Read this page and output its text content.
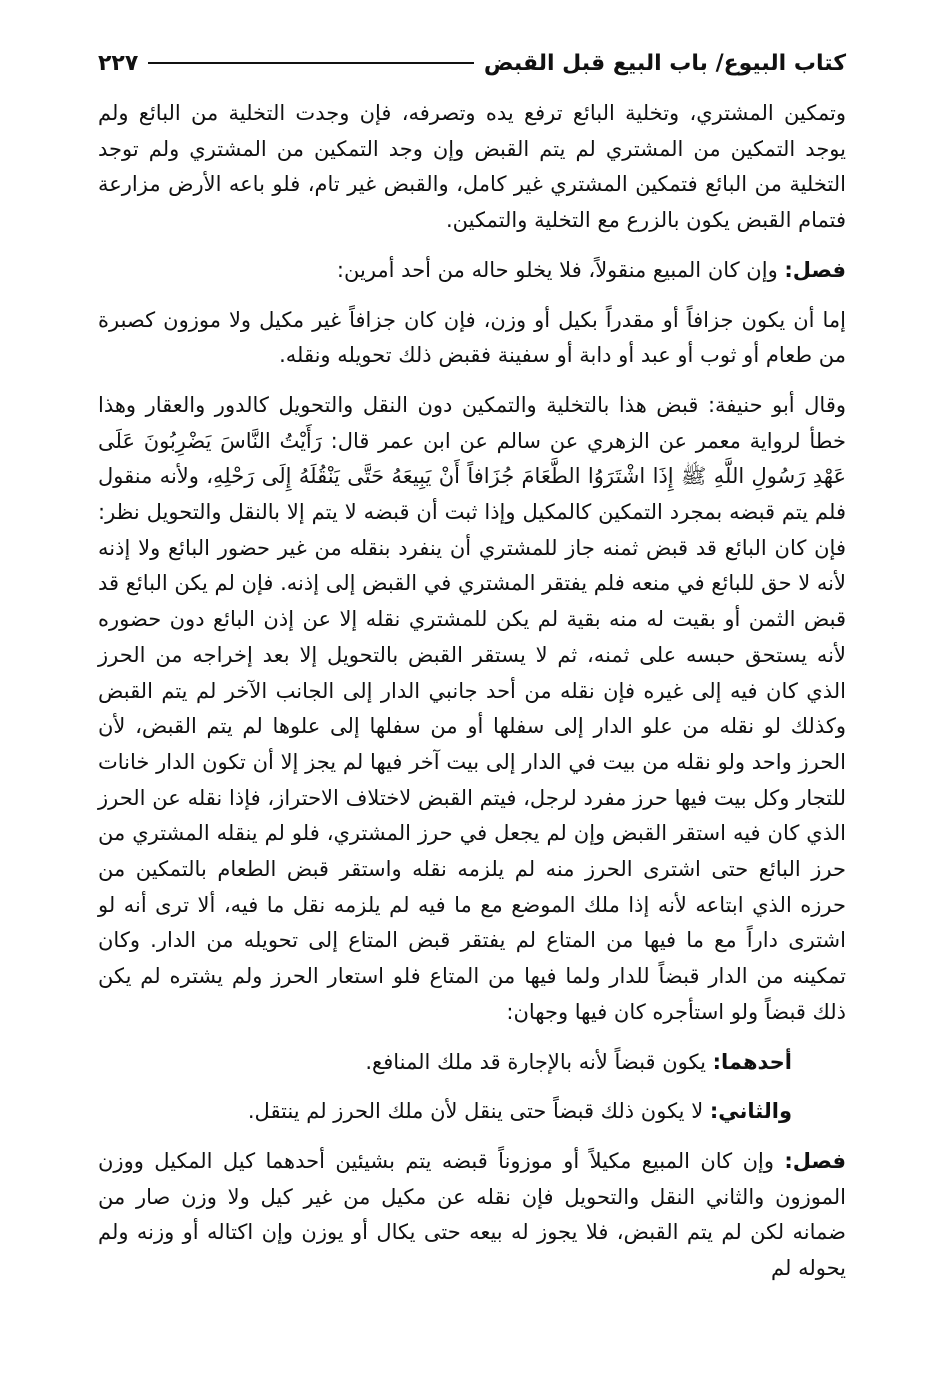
كتاب البيوع/ باب البيع قبل القبض
٢٢٧

وتمكين المشتري، وتخلية البائع ترفع يده وتصرفه، فإن وجدت التخلية من البائع ولم يوجد التمكين من المشتري لم يتم القبض وإن وجد التمكين من المشتري ولم توجد التخلية من البائع فتمكين المشتري غير كامل، والقبض غير تام، فلو باعه الأرض مزارعة فتمام القبض يكون بالزرع مع التخلية والتمكين.

فصل: وإن كان المبيع منقولاً، فلا يخلو حاله من أحد أمرين:

إما أن يكون جزافاً أو مقدراً بكيل أو وزن، فإن كان جزافاً غير مكيل ولا موزون كصبرة من طعام أو ثوب أو عبد أو دابة أو سفينة فقبض ذلك تحويله ونقله.

وقال أبو حنيفة: قبض هذا بالتخلية والتمكين دون النقل والتحويل كالدور والعقار وهذا خطأ لرواية معمر عن الزهري عن سالم عن ابن عمر قال: رَأَيْتُ النَّاسَ يَضْرِبُونَ عَلَى عَهْدِ رَسُولِ اللَّهِ ﷺ إِذَا اشْتَرَوُا الطَّعَامَ جُزَافاً أَنْ يَبِيعَهُ حَتَّى يَنْقُلَهُ إِلَى رَحْلِهِ، ولأنه منقول فلم يتم قبضه بمجرد التمكين كالمكيل وإذا ثبت أن قبضه لا يتم إلا بالنقل والتحويل نظر: فإن كان البائع قد قبض ثمنه جاز للمشتري أن ينفرد بنقله من غير حضور البائع ولا إذنه لأنه لا حق للبائع في منعه فلم يفتقر المشتري في القبض إلى إذنه. فإن لم يكن البائع قد قبض الثمن أو بقيت له منه بقية لم يكن للمشتري نقله إلا عن إذن البائع دون حضوره لأنه يستحق حبسه على ثمنه، ثم لا يستقر القبض بالتحويل إلا بعد إخراجه من الحرز الذي كان فيه إلى غيره فإن نقله من أحد جانبي الدار إلى الجانب الآخر لم يتم القبض وكذلك لو نقله من علو الدار إلى سفلها أو من سفلها إلى علوها لم يتم القبض، لأن الحرز واحد ولو نقله من بيت في الدار إلى بيت آخر فيها لم يجز إلا أن تكون الدار خانات للتجار وكل بيت فيها حرز مفرد لرجل، فيتم القبض لاختلاف الاحتراز، فإذا نقله عن الحرز الذي كان فيه استقر القبض وإن لم يجعل في حرز المشتري، فلو لم ينقله المشتري من حرز البائع حتى اشترى الحرز منه لم يلزمه نقله واستقر قبض الطعام بالتمكين من حرزه الذي ابتاعه لأنه إذا ملك الموضع مع ما فيه لم يلزمه نقل ما فيه، ألا ترى أنه لو اشترى داراً مع ما فيها من المتاع لم يفتقر قبض المتاع إلى تحويله من الدار. وكان تمكينه من الدار قبضاً للدار ولما فيها من المتاع فلو استعار الحرز ولم يشتره لم يكن ذلك قبضاً ولو استأجره كان فيها وجهان:

أحدهما: يكون قبضاً لأنه بالإجارة قد ملك المنافع.

والثاني: لا يكون ذلك قبضاً حتى ينقل لأن ملك الحرز لم ينتقل.

فصل: وإن كان المبيع مكيلاً أو موزوناً قبضه يتم بشيئين أحدهما كيل المكيل ووزن الموزون والثاني النقل والتحويل فإن نقله عن مكيل من غير كيل ولا وزن صار من ضمانه لكن لم يتم القبض، فلا يجوز له بيعه حتى يكال أو يوزن وإن اكتاله أو وزنه ولم يحوله لم
